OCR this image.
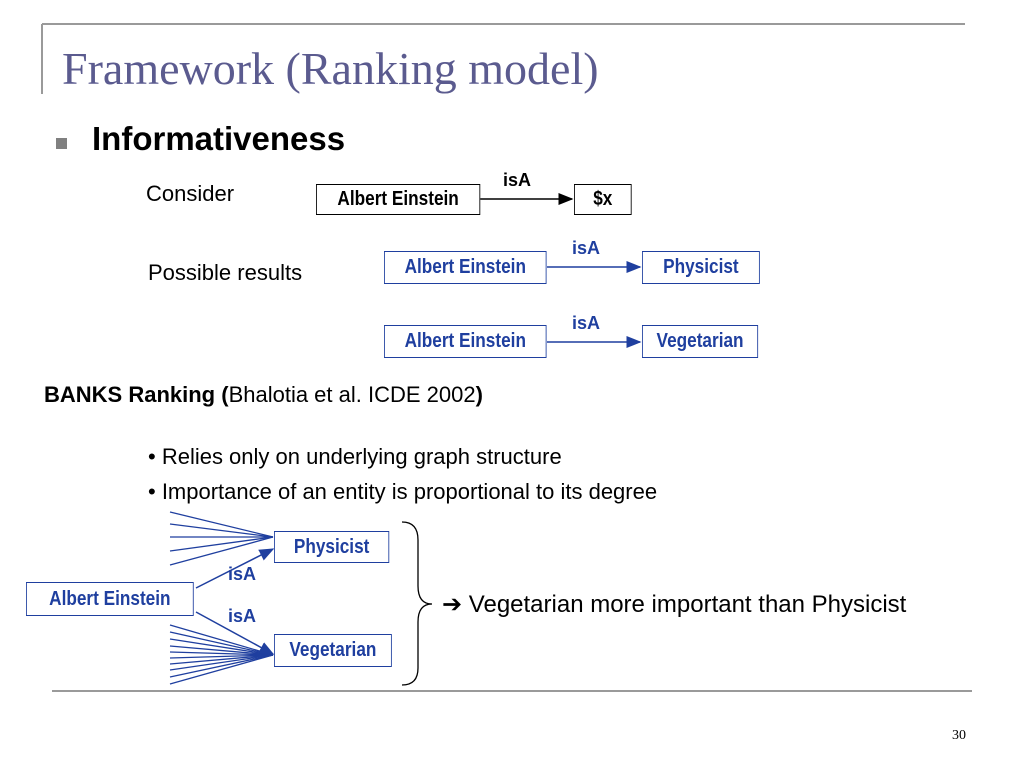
Framework (Ranking model)
Informativeness
Consider	Albert Einstein
isA
$x
Possible results	Albert Einstein
isA
Physicist
Albert Einstein
isA
Vegetarian
BANKS Ranking (Bhalotia et al. ICDE 2002)
• Relies only on underlying graph structure
• Importance of an entity is proportional to its degree
Physicist
Albert Einstein
isA
isA
Vegetarian
➔ Vegetarian more important than Physicist
30
